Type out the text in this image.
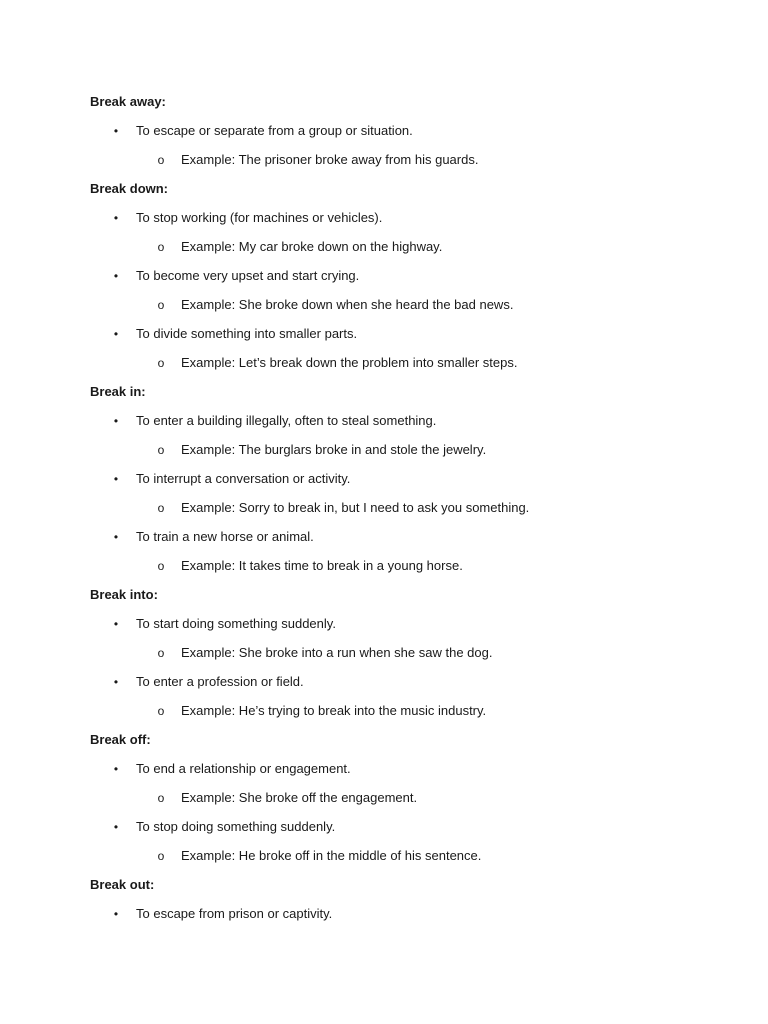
Break away:
• To escape or separate from a group or situation.
o Example: The prisoner broke away from his guards.
Break down:
• To stop working (for machines or vehicles).
o Example: My car broke down on the highway.
• To become very upset and start crying.
o Example: She broke down when she heard the bad news.
• To divide something into smaller parts.
o Example: Let’s break down the problem into smaller steps.
Break in:
• To enter a building illegally, often to steal something.
o Example: The burglars broke in and stole the jewelry.
• To interrupt a conversation or activity.
o Example: Sorry to break in, but I need to ask you something.
• To train a new horse or animal.
o Example: It takes time to break in a young horse.
Break into:
• To start doing something suddenly.
o Example: She broke into a run when she saw the dog.
• To enter a profession or field.
o Example: He’s trying to break into the music industry.
Break off:
• To end a relationship or engagement.
o Example: She broke off the engagement.
• To stop doing something suddenly.
o Example: He broke off in the middle of his sentence.
Break out:
• To escape from prison or captivity.
